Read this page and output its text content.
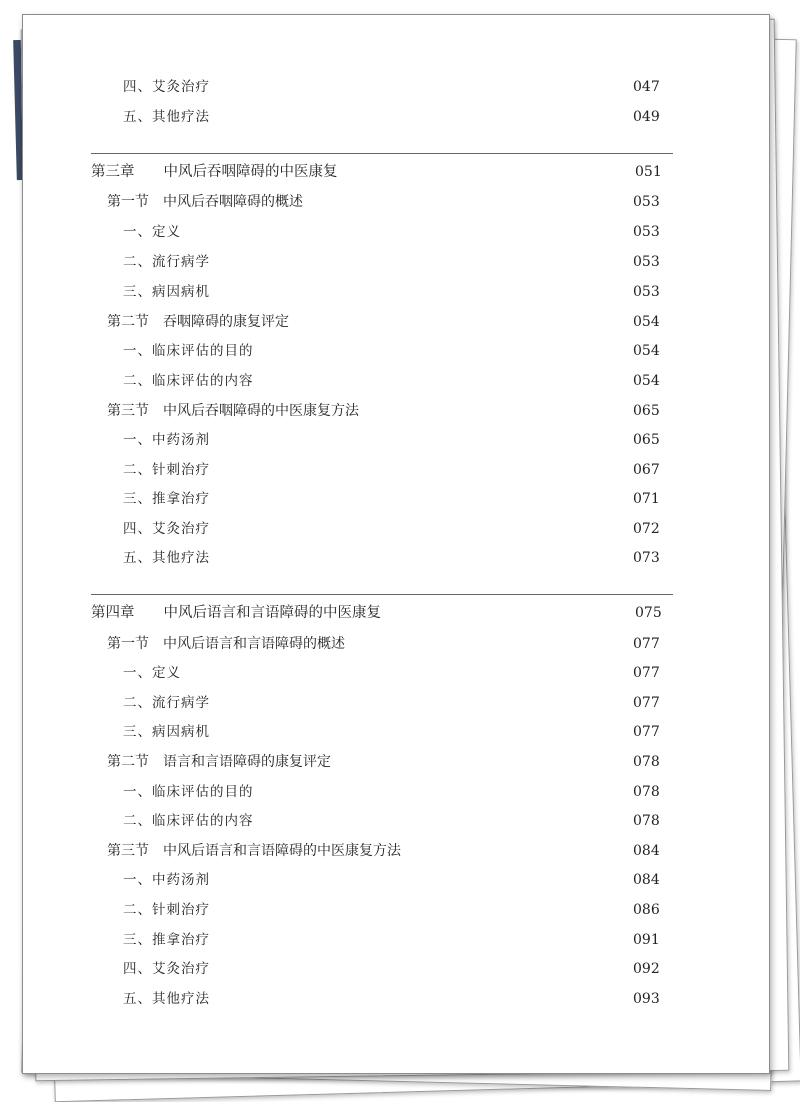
四、艾灸治疗	047
五、其他疗法	049
第三章　　中风后吞咽障碍的中医康复	051
第一节　中风后吞咽障碍的概述	053
一、定义	053
二、流行病学	053
三、病因病机	053
第二节　吞咽障碍的康复评定	054
一、临床评估的目的	054
二、临床评估的内容	054
第三节　中风后吞咽障碍的中医康复方法	065
一、中药汤剂	065
二、针刺治疗	067
三、推拿治疗	071
四、艾灸治疗	072
五、其他疗法	073
第四章　　中风后语言和言语障碍的中医康复	075
第一节　中风后语言和言语障碍的概述	077
一、定义	077
二、流行病学	077
三、病因病机	077
第二节　语言和言语障碍的康复评定	078
一、临床评估的目的	078
二、临床评估的内容	078
第三节　中风后语言和言语障碍的中医康复方法	084
一、中药汤剂	084
二、针刺治疗	086
三、推拿治疗	091
四、艾灸治疗	092
五、其他疗法	093
